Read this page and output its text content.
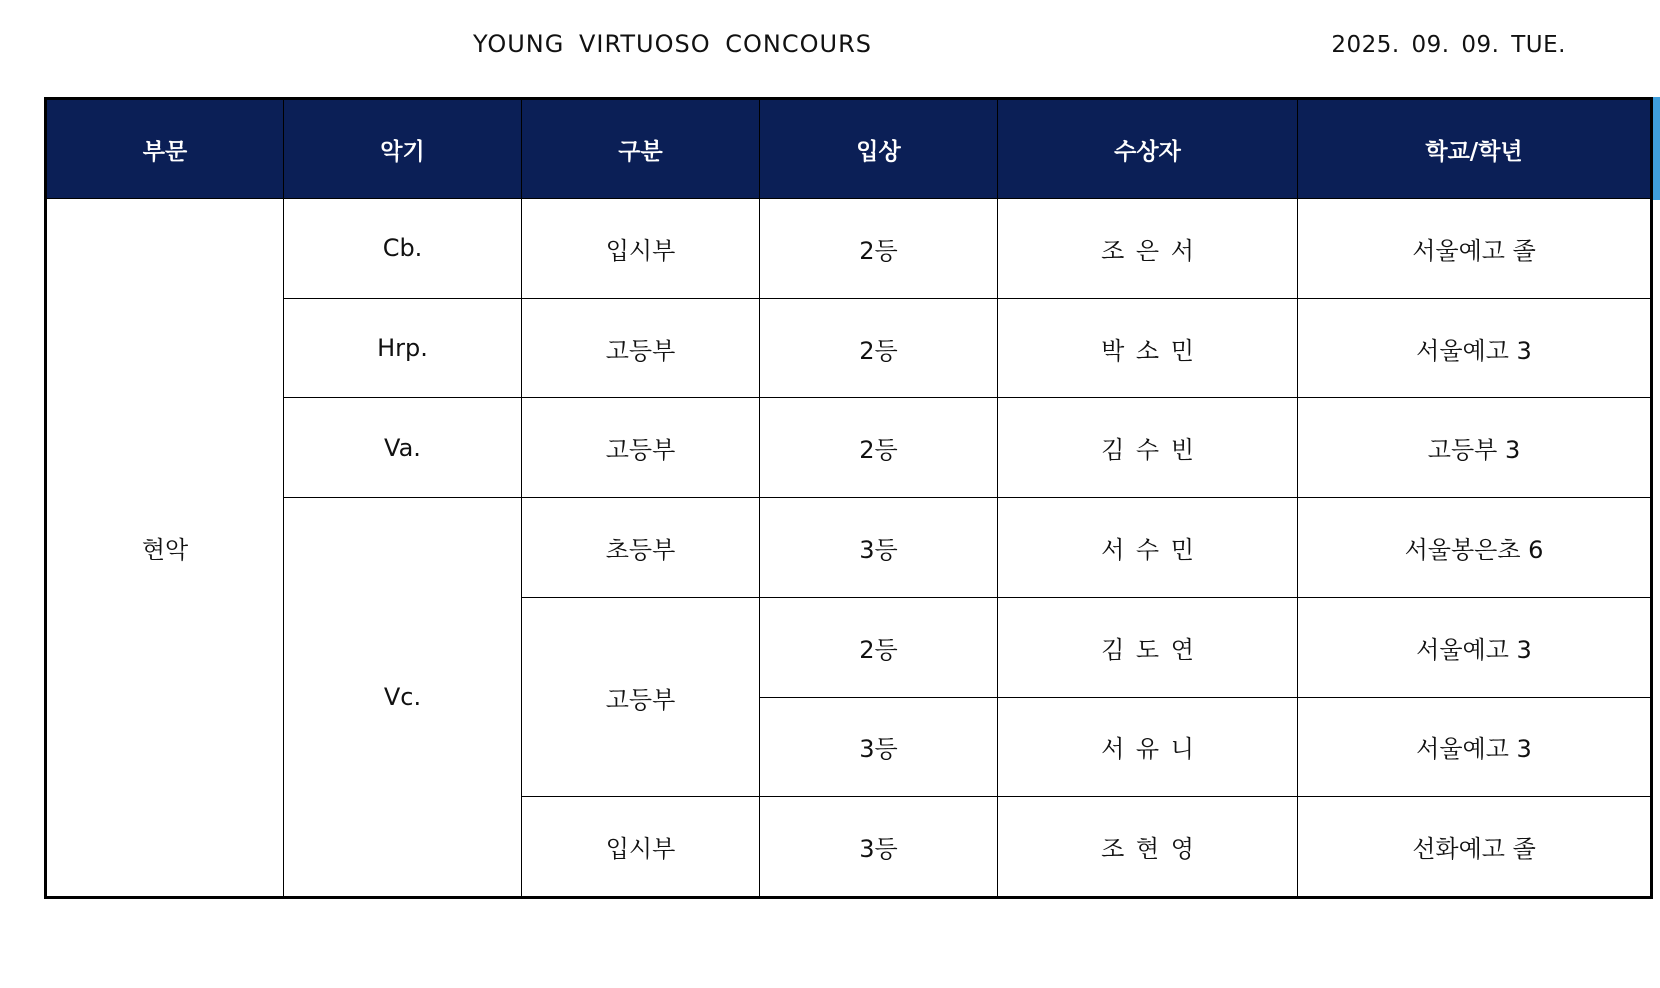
YOUNG VIRTUOSO CONCOURS	2025. 09. 09. TUE.
부문	악기	구분	입상	수상자	학교/학년
현악	Cb.	입시부	2등	조 은 서	서울예고 졸
	Hrp.	고등부	2등	박 소 민	서울예고 3
	Va.	고등부	2등	김 수 빈	고등부 3
	Vc.	초등부	3등	서 수 민	서울봉은초 6
		고등부	2등	김 도 연	서울예고 3
			3등	서 유 니	서울예고 3
		입시부	3등	조 현 영	선화예고 졸
